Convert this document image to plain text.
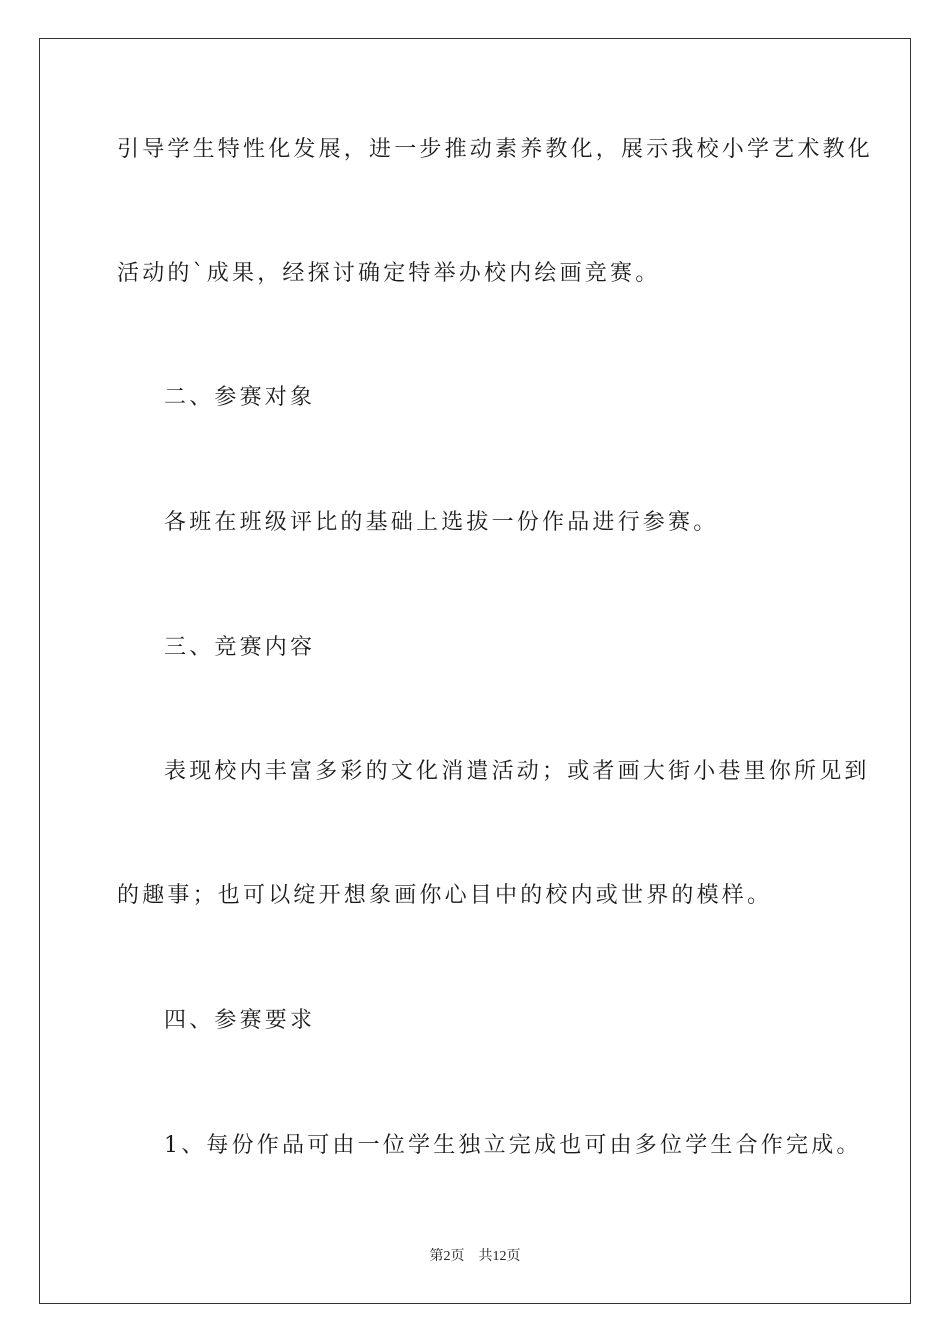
引导学生特性化发展，进一步推动素养教化，展示我校小学艺术教化
活动的`成果，经探讨确定特举办校内绘画竞赛。
二、参赛对象
各班在班级评比的基础上选拔一份作品进行参赛。
三、竞赛内容
表现校内丰富多彩的文化消遣活动；或者画大街小巷里你所见到
的趣事；也可以绽开想象画你心目中的校内或世界的模样。
四、参赛要求
1、每份作品可由一位学生独立完成也可由多位学生合作完成。
第2页　共12页
